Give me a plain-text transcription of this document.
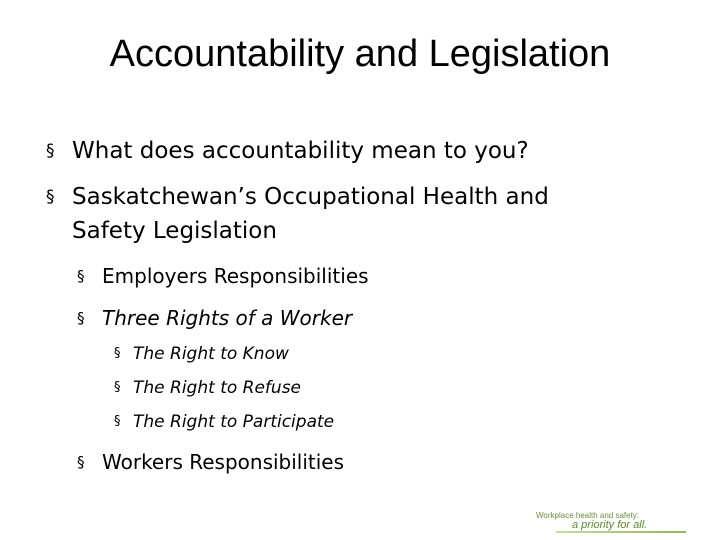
Accountability and Legislation
§ What does accountability mean to you?
§ Saskatchewan’s Occupational Health and Safety Legislation
§ Employers Responsibilities
§ Three Rights of a Worker
§ The Right to Know
§ The Right to Refuse
§ The Right to Participate
§ Workers Responsibilities
Workplace health and safety:
a priority for all.
